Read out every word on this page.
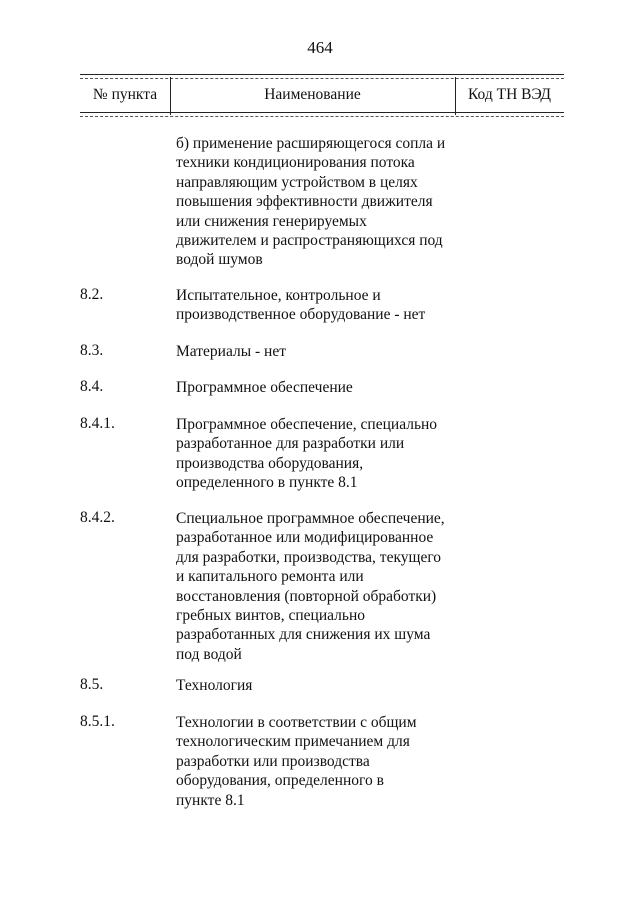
464
№ пункта	Наименование	Код ТН ВЭД
б) применение расширяющегося сопла и
техники кондиционирования потока
направляющим устройством в целях
повышения эффективности движителя
или снижения генерируемых
движителем и распространяющихся под
водой шумов
8.2.	Испытательное, контрольное и
производственное оборудование - нет
8.3.	Материалы - нет
8.4.	Программное обеспечение
8.4.1.	Программное обеспечение, специально
разработанное для разработки или
производства оборудования,
определенного в пункте 8.1
8.4.2.	Специальное программное обеспечение,
разработанное или модифицированное
для разработки, производства, текущего
и капитального ремонта или
восстановления (повторной обработки)
гребных винтов, специально
разработанных для снижения их шума
под водой
8.5.	Технология
8.5.1.	Технологии в соответствии с общим
технологическим примечанием для
разработки или производства
оборудования, определенного в
пункте 8.1
